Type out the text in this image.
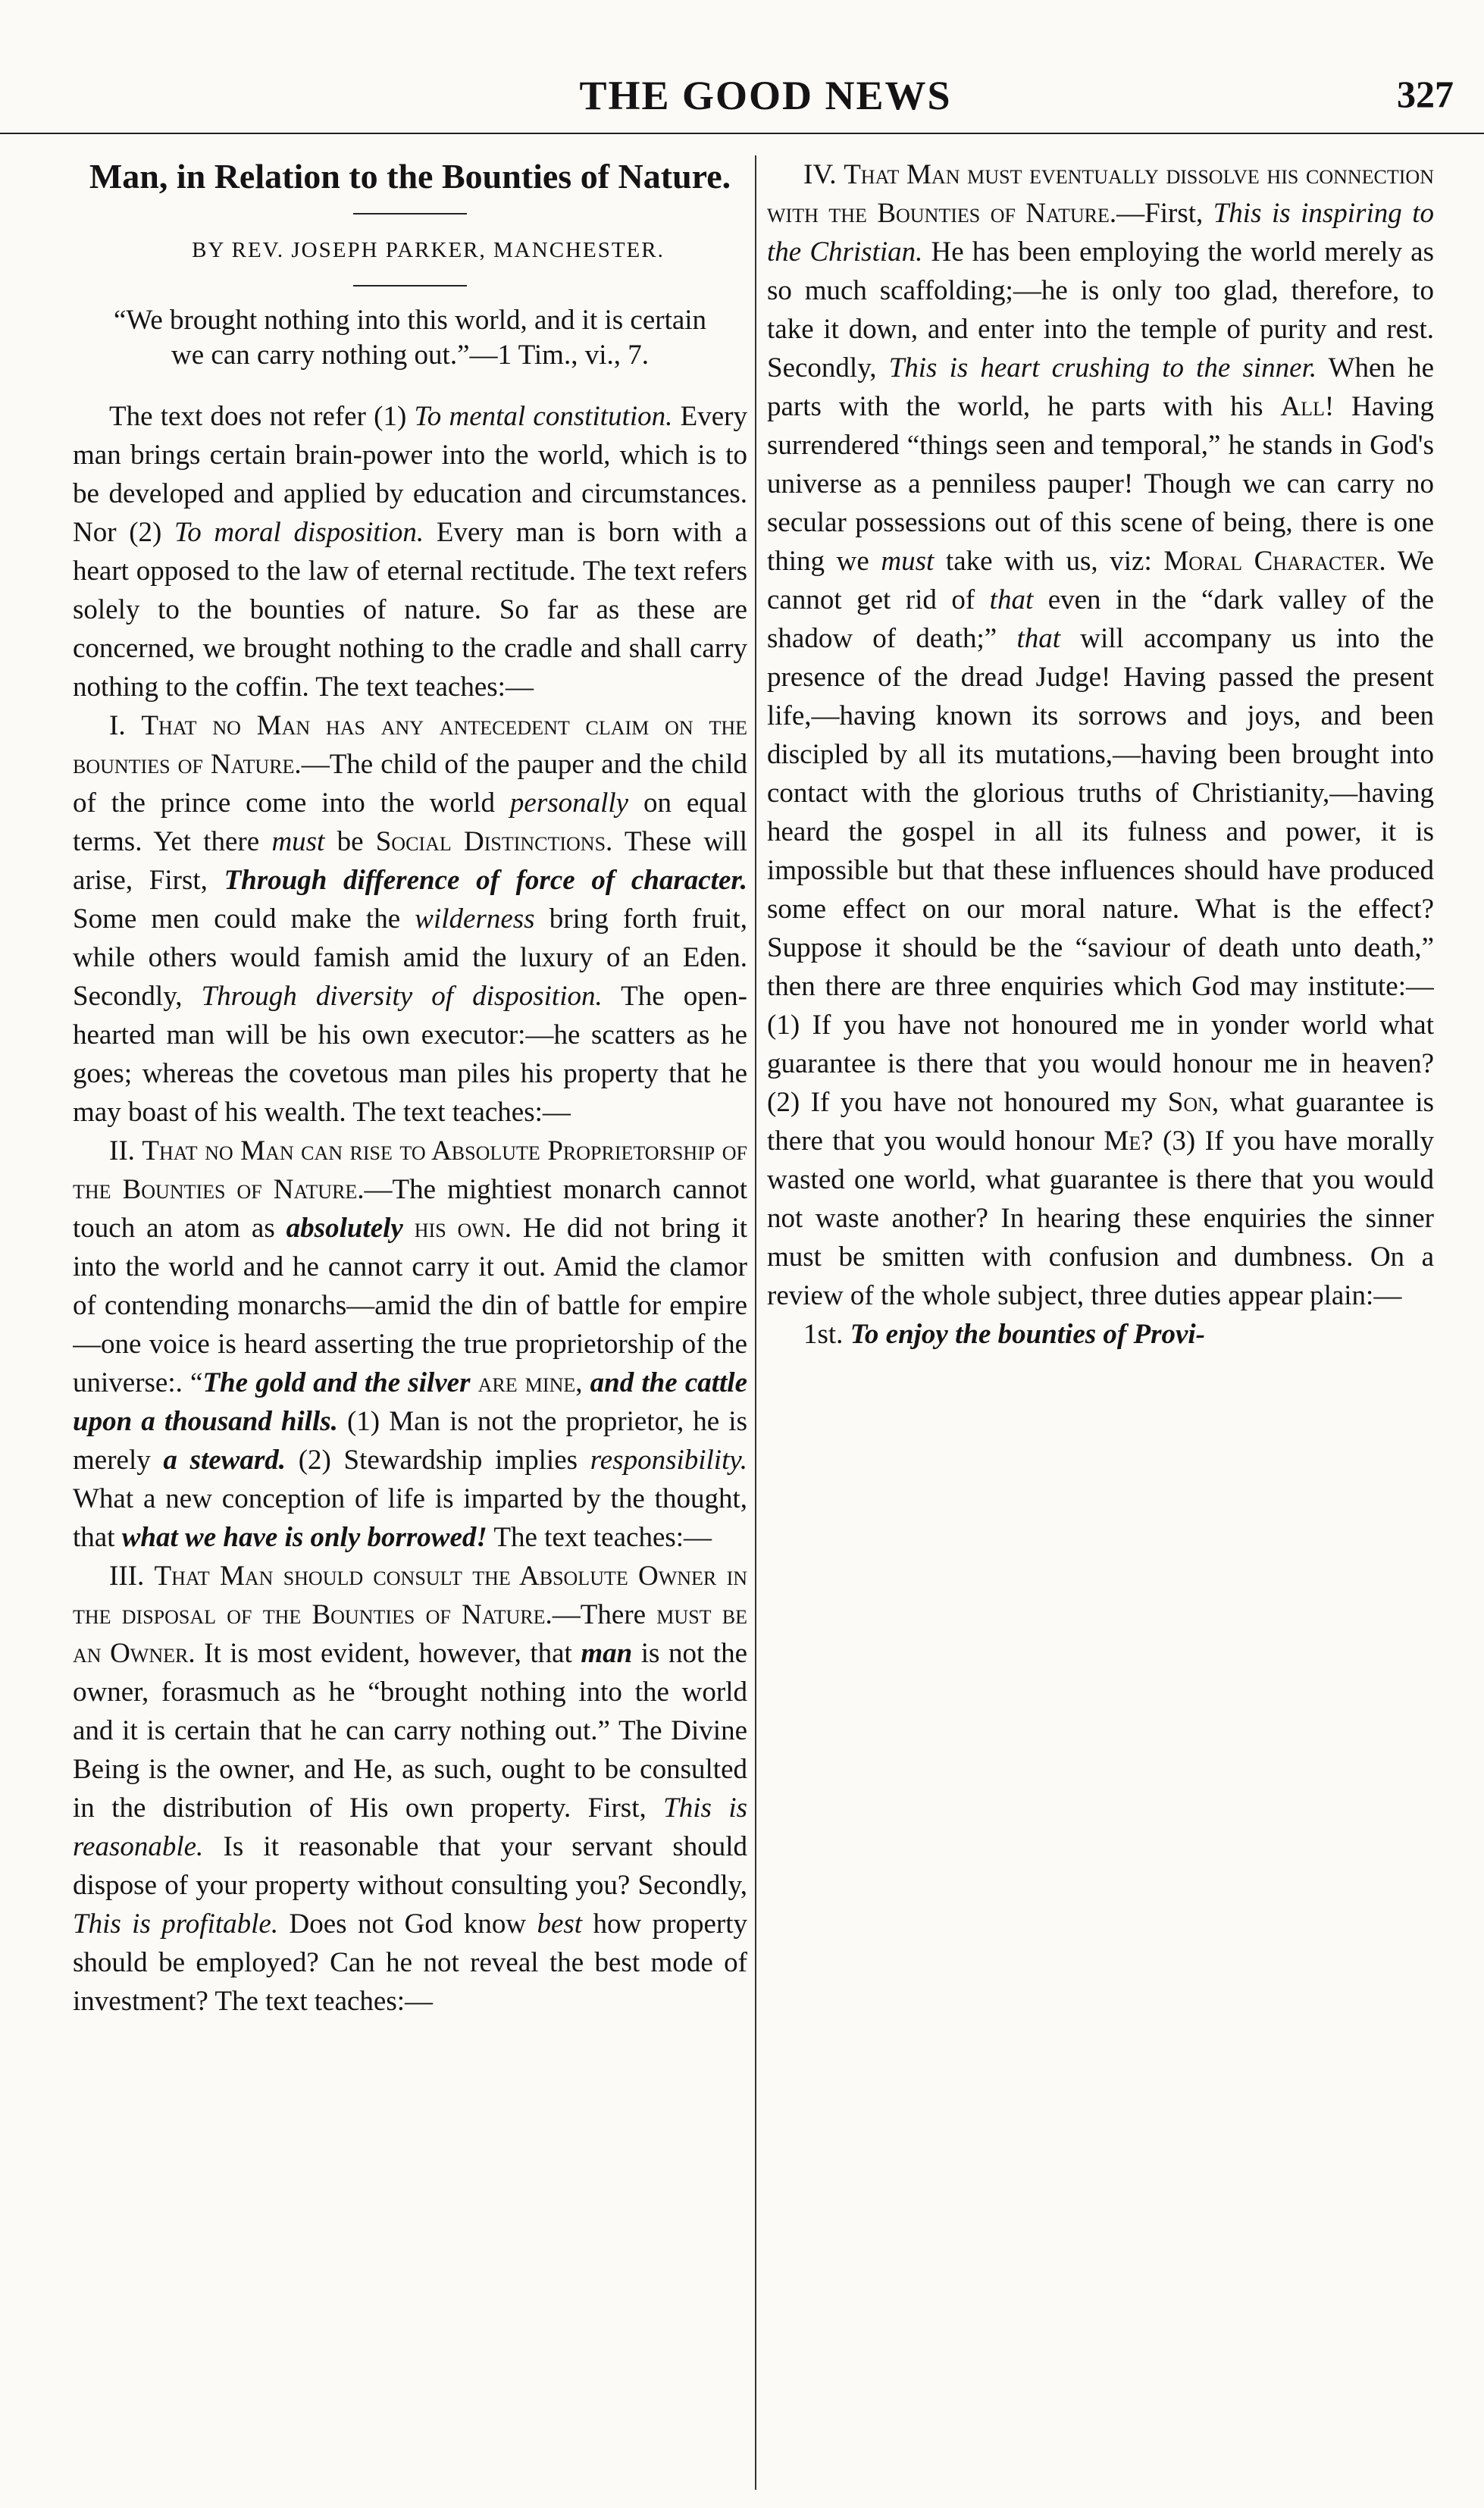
THE GOOD NEWS	327
Man, in Relation to the Bounties of Nature.

BY REV. JOSEPH PARKER, MANCHESTER.

“We brought nothing into this world, and it is certain we can carry nothing out.”—1 Tim., vi., 7.

The text does not refer (1) To mental constitution. Every man brings certain brain-power into the world, which is to be developed and applied by education and circumstances. Nor (2) To moral disposition. Every man is born with a heart opposed to the law of eternal rectitude. The text refers solely to the bounties of nature. So far as these are concerned, we brought nothing to the cradle and shall carry nothing to the coffin. The text teaches:—

I. That no Man has any antecedent claim on the bounties of Nature.—The child of the pauper and the child of the prince come into the world personally on equal terms. Yet there must be Social Distinctions. These will arise, First, Through difference of force of character. Some men could make the wilderness bring forth fruit, while others would famish amid the luxury of an Eden. Secondly, Through diversity of disposition. The open-hearted man will be his own executor:—he scatters as he goes; whereas the covetous man piles his property that he may boast of his wealth. The text teaches:—

II. That no Man can rise to Absolute Proprietorship of the Bounties of Nature.—The mightiest monarch cannot touch an atom as absolutely his own. He did not bring it into the world and he cannot carry it out. Amid the clamor of contending monarchs—amid the din of battle for empire—one voice is heard asserting the true proprietorship of the universe:. “The gold and the silver are mine, and the cattle upon a thousand hills. (1) Man is not the proprietor, he is merely a steward. (2) Stewardship implies responsibility. What a new conception of life is imparted by the thought, that what we have is only borrowed! The text teaches:—

III. That Man should consult the Absolute Owner in the disposal of the Bounties of Nature.—There must be an Owner. It is most evident, however, that man is not the owner, forasmuch as he “brought nothing into the world and it is certain that he can carry nothing out.” The Divine Being is the owner, and He, as such, ought to be consulted in the distribution of His own property. First, This is reasonable. Is it reasonable that your servant should dispose of your property without consulting you? Secondly, This is profitable. Does not God know best how property should be employed? Can he not reveal the best mode of investment? The text teaches:—

IV. That Man must eventually dissolve his connection with the Bounties of Nature.—First, This is inspiring to the Christian. He has been employing the world merely as so much scaffolding;—he is only too glad, therefore, to take it down, and enter into the temple of purity and rest. Secondly, This is heart crushing to the sinner. When he parts with the world, he parts with his All! Having surrendered “things seen and temporal,” he stands in God's universe as a penniless pauper! Though we can carry no secular possessions out of this scene of being, there is one thing we must take with us, viz: Moral Character. We cannot get rid of that even in the “dark valley of the shadow of death;” that will accompany us into the presence of the dread Judge! Having passed the present life,—having known its sorrows and joys, and been discipled by all its mutations,—having been brought into contact with the glorious truths of Christianity,—having heard the gospel in all its fulness and power, it is impossible but that these influences should have produced some effect on our moral nature. What is the effect? Suppose it should be the “saviour of death unto death,” then there are three enquiries which God may institute:—(1) If you have not honoured me in yonder world what guarantee is there that you would honour me in heaven? (2) If you have not honoured my Son, what guarantee is there that you would honour Me? (3) If you have morally wasted one world, what guarantee is there that you would not waste another? In hearing these enquiries the sinner must be smitten with confusion and dumbness. On a review of the whole subject, three duties appear plain:—

1st. To enjoy the bounties of Provi-
